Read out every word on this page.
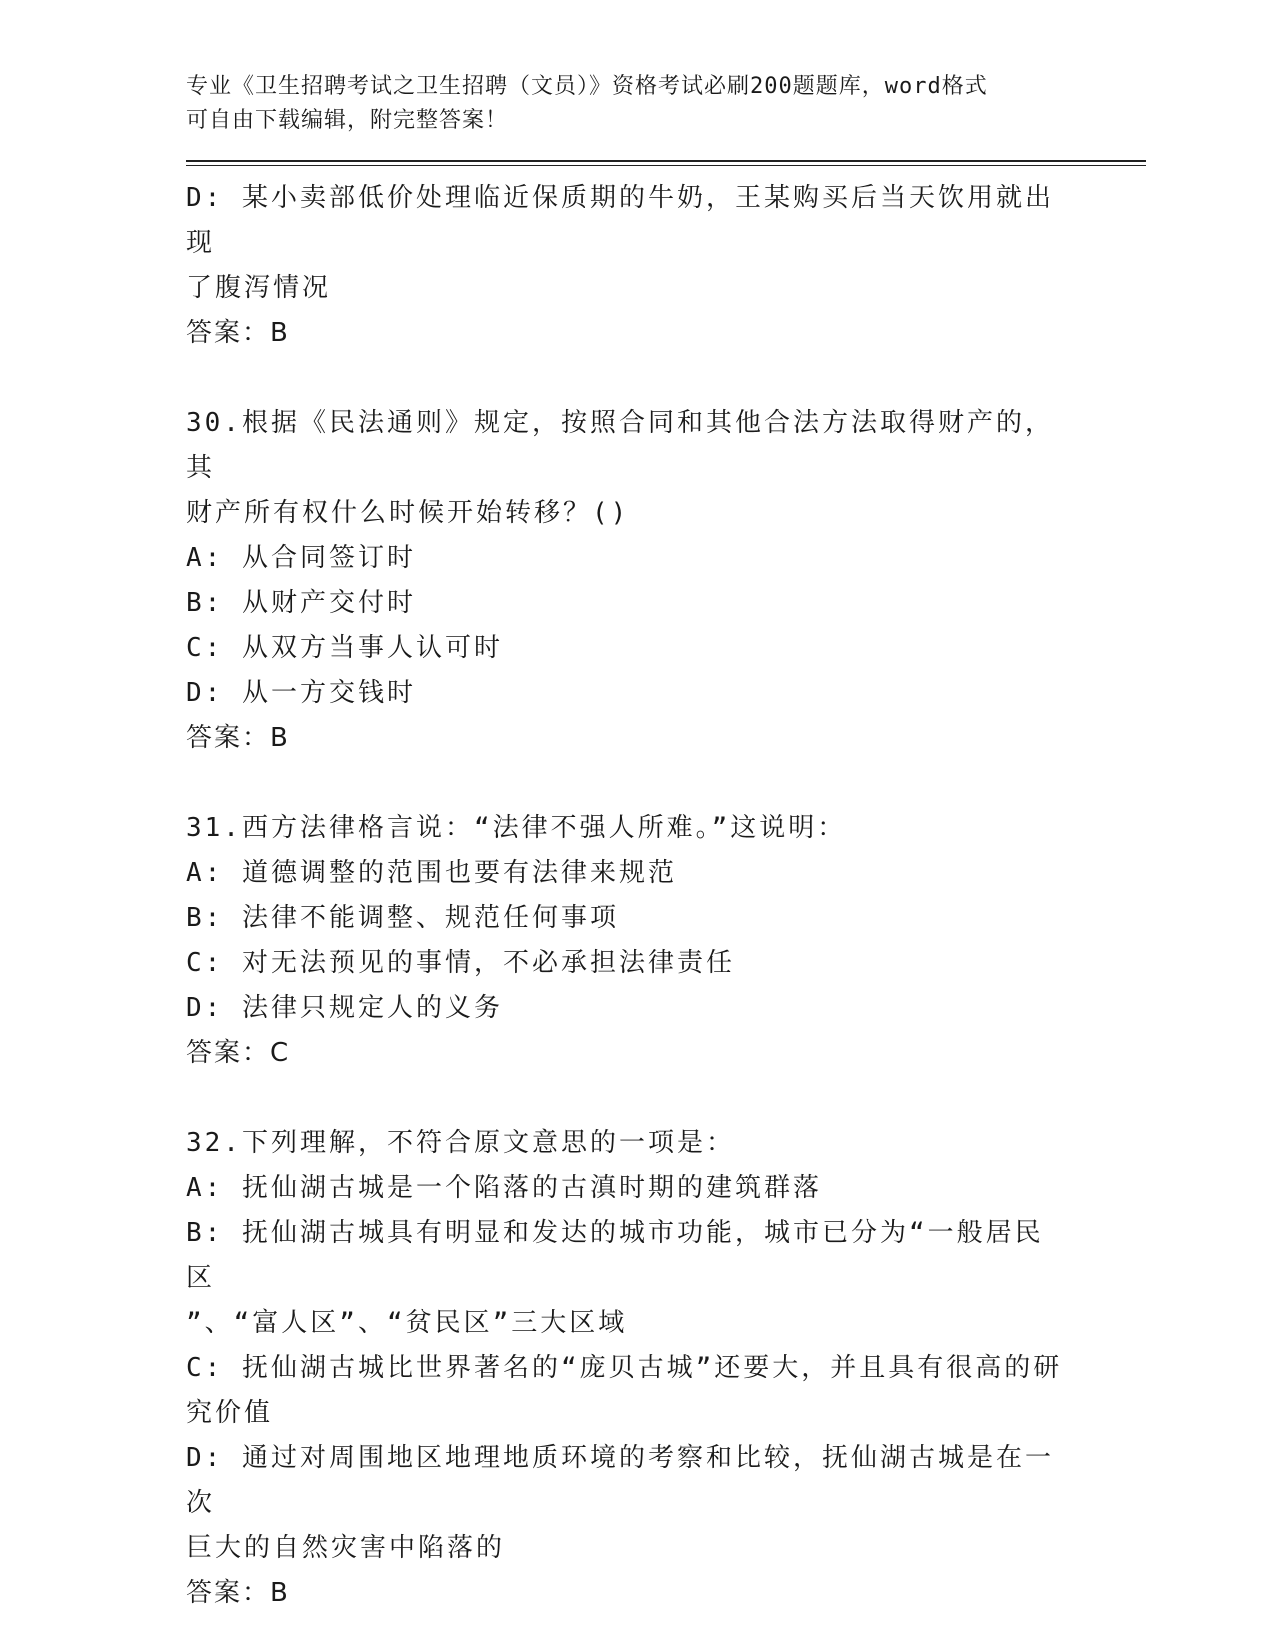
专业《卫生招聘考试之卫生招聘（文员）》资格考试必刷200题题库，word格式

可自由下载编辑，附完整答案！

D: 某小卖部低价处理临近保质期的牛奶，王某购买后当天饮用就出现

了腹泻情况

答案：B

30.根据《民法通则》规定，按照合同和其他合法方法取得财产的，其

财产所有权什么时候开始转移？()

A: 从合同签订时

B: 从财产交付时

C: 从双方当事人认可时

D: 从一方交钱时

答案：B

31.西方法律格言说：“法律不强人所难。”这说明：

A: 道德调整的范围也要有法律来规范

B: 法律不能调整、规范任何事项

C: 对无法预见的事情，不必承担法律责任

D: 法律只规定人的义务

答案：C

32.下列理解，不符合原文意思的一项是：

A: 抚仙湖古城是一个陷落的古滇时期的建筑群落

B: 抚仙湖古城具有明显和发达的城市功能，城市已分为“一般居民区

”、“富人区”、“贫民区”三大区域

C: 抚仙湖古城比世界著名的“庞贝古城”还要大，并且具有很高的研

究价值

D: 通过对周围地区地理地质环境的考察和比较，抚仙湖古城是在一次

巨大的自然灾害中陷落的

答案：B
